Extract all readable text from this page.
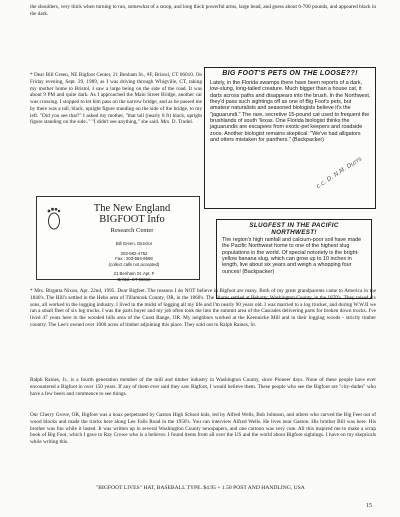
the shoulders, very thick when turning to run, somewhat of a stoop, and long thick powerful arms, large head, and guess about 6-700 pounds, and appeared black in the dark.

* Dear Bill Green, NE Bigfoot Center, 21 Benham St., #F, Bristol, CT 06010. On Friday evening, Sept. 29, 1989, as I was driving through Whigville, CT, taking my mother home to Bristol, I saw a large being on the side of the road. It was about 9 PM and quite dark. As I approached the Main Street Bridge, another car was crossing. I stopped to let him pass on the narrow bridge, and as he passed me by there was a tall, black, upright figure standing on the side of the bridge, to my left. "Did you see that?" I asked my mother, "that tall (nearly 8 ft) black, upright figure standing on the side.." "I didn't see anything," she said. Mrs. D. Trudel.

The New England
BIGFOOT Info
Research Center
Bill Green, Director
203-582-4752
Fax : 203-584-9598
(collect calls not accepted)
21 Benham St. Apt. F
Bristol, CT 06010
BIG FOOT'S PETS ON THE LOOSE??!

Lately, in the Florida swamps there have been reports of a dark, low-slung, long-tailed creature. Much bigger than a house cat, it darts across paths and disappears into the brush. In the Northwest, they'd pass such sightings off as one of Big Foot's pets, but amateur naturalists and seasoned biologists believe it's the "jaguarundi." The rare, secretive 15-pound cat used to frequent the brushlands of south Texas. One Florida biologist thinks the jaguarundis are escapees from exotic-pet keepers and roadside zoos. Another biologist remains skeptical: "We've had alligators and otters mistaken for panthers." (Backpacker)

c.c. D. N.M. Durrs
SLUGFEST IN THE PACIFIC
NORTHWEST!

The region's high rainfall and calcium-poor soil have made the Pacific Northwest home to one of the highest slug populations in the world. Of special notoriety is the bright-yellow banana slug, which can grow up to 10 inches in length, live about six years and weigh a whopping four ounces! (Backpacker)

* Mrs. Birgatta Nixon, Apr. 22nd, 1995. Dear Bigfeet. The reasons I do NOT believe in Bigfoot are many. Both of my great grandparents came to America in the 1840's. The Hill's settled in the Hebo area of Tillamook County, OR, in the 1860's. The Blums settled at Beharty, Washington County, in the 1870's. They raised six sons, all worked in the logging industry. I lived in the midst of logging all my life and I'm nearly 90 years old. I was married to a log trucker, and during W.W.II we ran a small fleet of six log trucks. I was the parts buyer and my job often took me into the summit area of the Cascades delivering parts for broken down trucks. I've lived 47 years here in the wooded hills area of the Coast Range, OR. My neighbors worked at the Keenuicke Mill and in their logging woods - strictly timber country. The Lee's owned over 1000 acres of timber adjoining this place. They sold out to Ralph Raines, Sr.

Ralph Raines, Jr., is a fourth generation member of the mill and timber industry in Washington County, since Pioneer days. None of these people have ever encountered a Bigfoot in over 150 years. If any of them ever said they saw Bigfoot, I would believe them. These people who see the Bigfoot are "city-dudes" who have a few beers and commence to see things.

Our Cherry Grove, OR, Bigfoot was a hoax perpetrated by Gaston High School kids, led by Alfred Wells, Bob Johnson, and others who carved the Big Feet out of wood blocks and made the tracks here along Lee Falls Road in the 1950's. You can interview Alfred Wells. He lives near Gaston. His brother Bill was here. His brother was fun while it lasted. It was written up in several Washington County newspapers, and one cartoon was very cute. All this inspired me to make a scrap book of Big Foot, which I gave to Ray Crowe who is a believer. I found items from all over the US and the world about Bigfoot sightings. I have on my skepticals while writing this.

"BIGFOOT LIVES" HAT, BASEBALL TYPE. $4.95 + 1.50 POST AND HANDLING, USA
15
